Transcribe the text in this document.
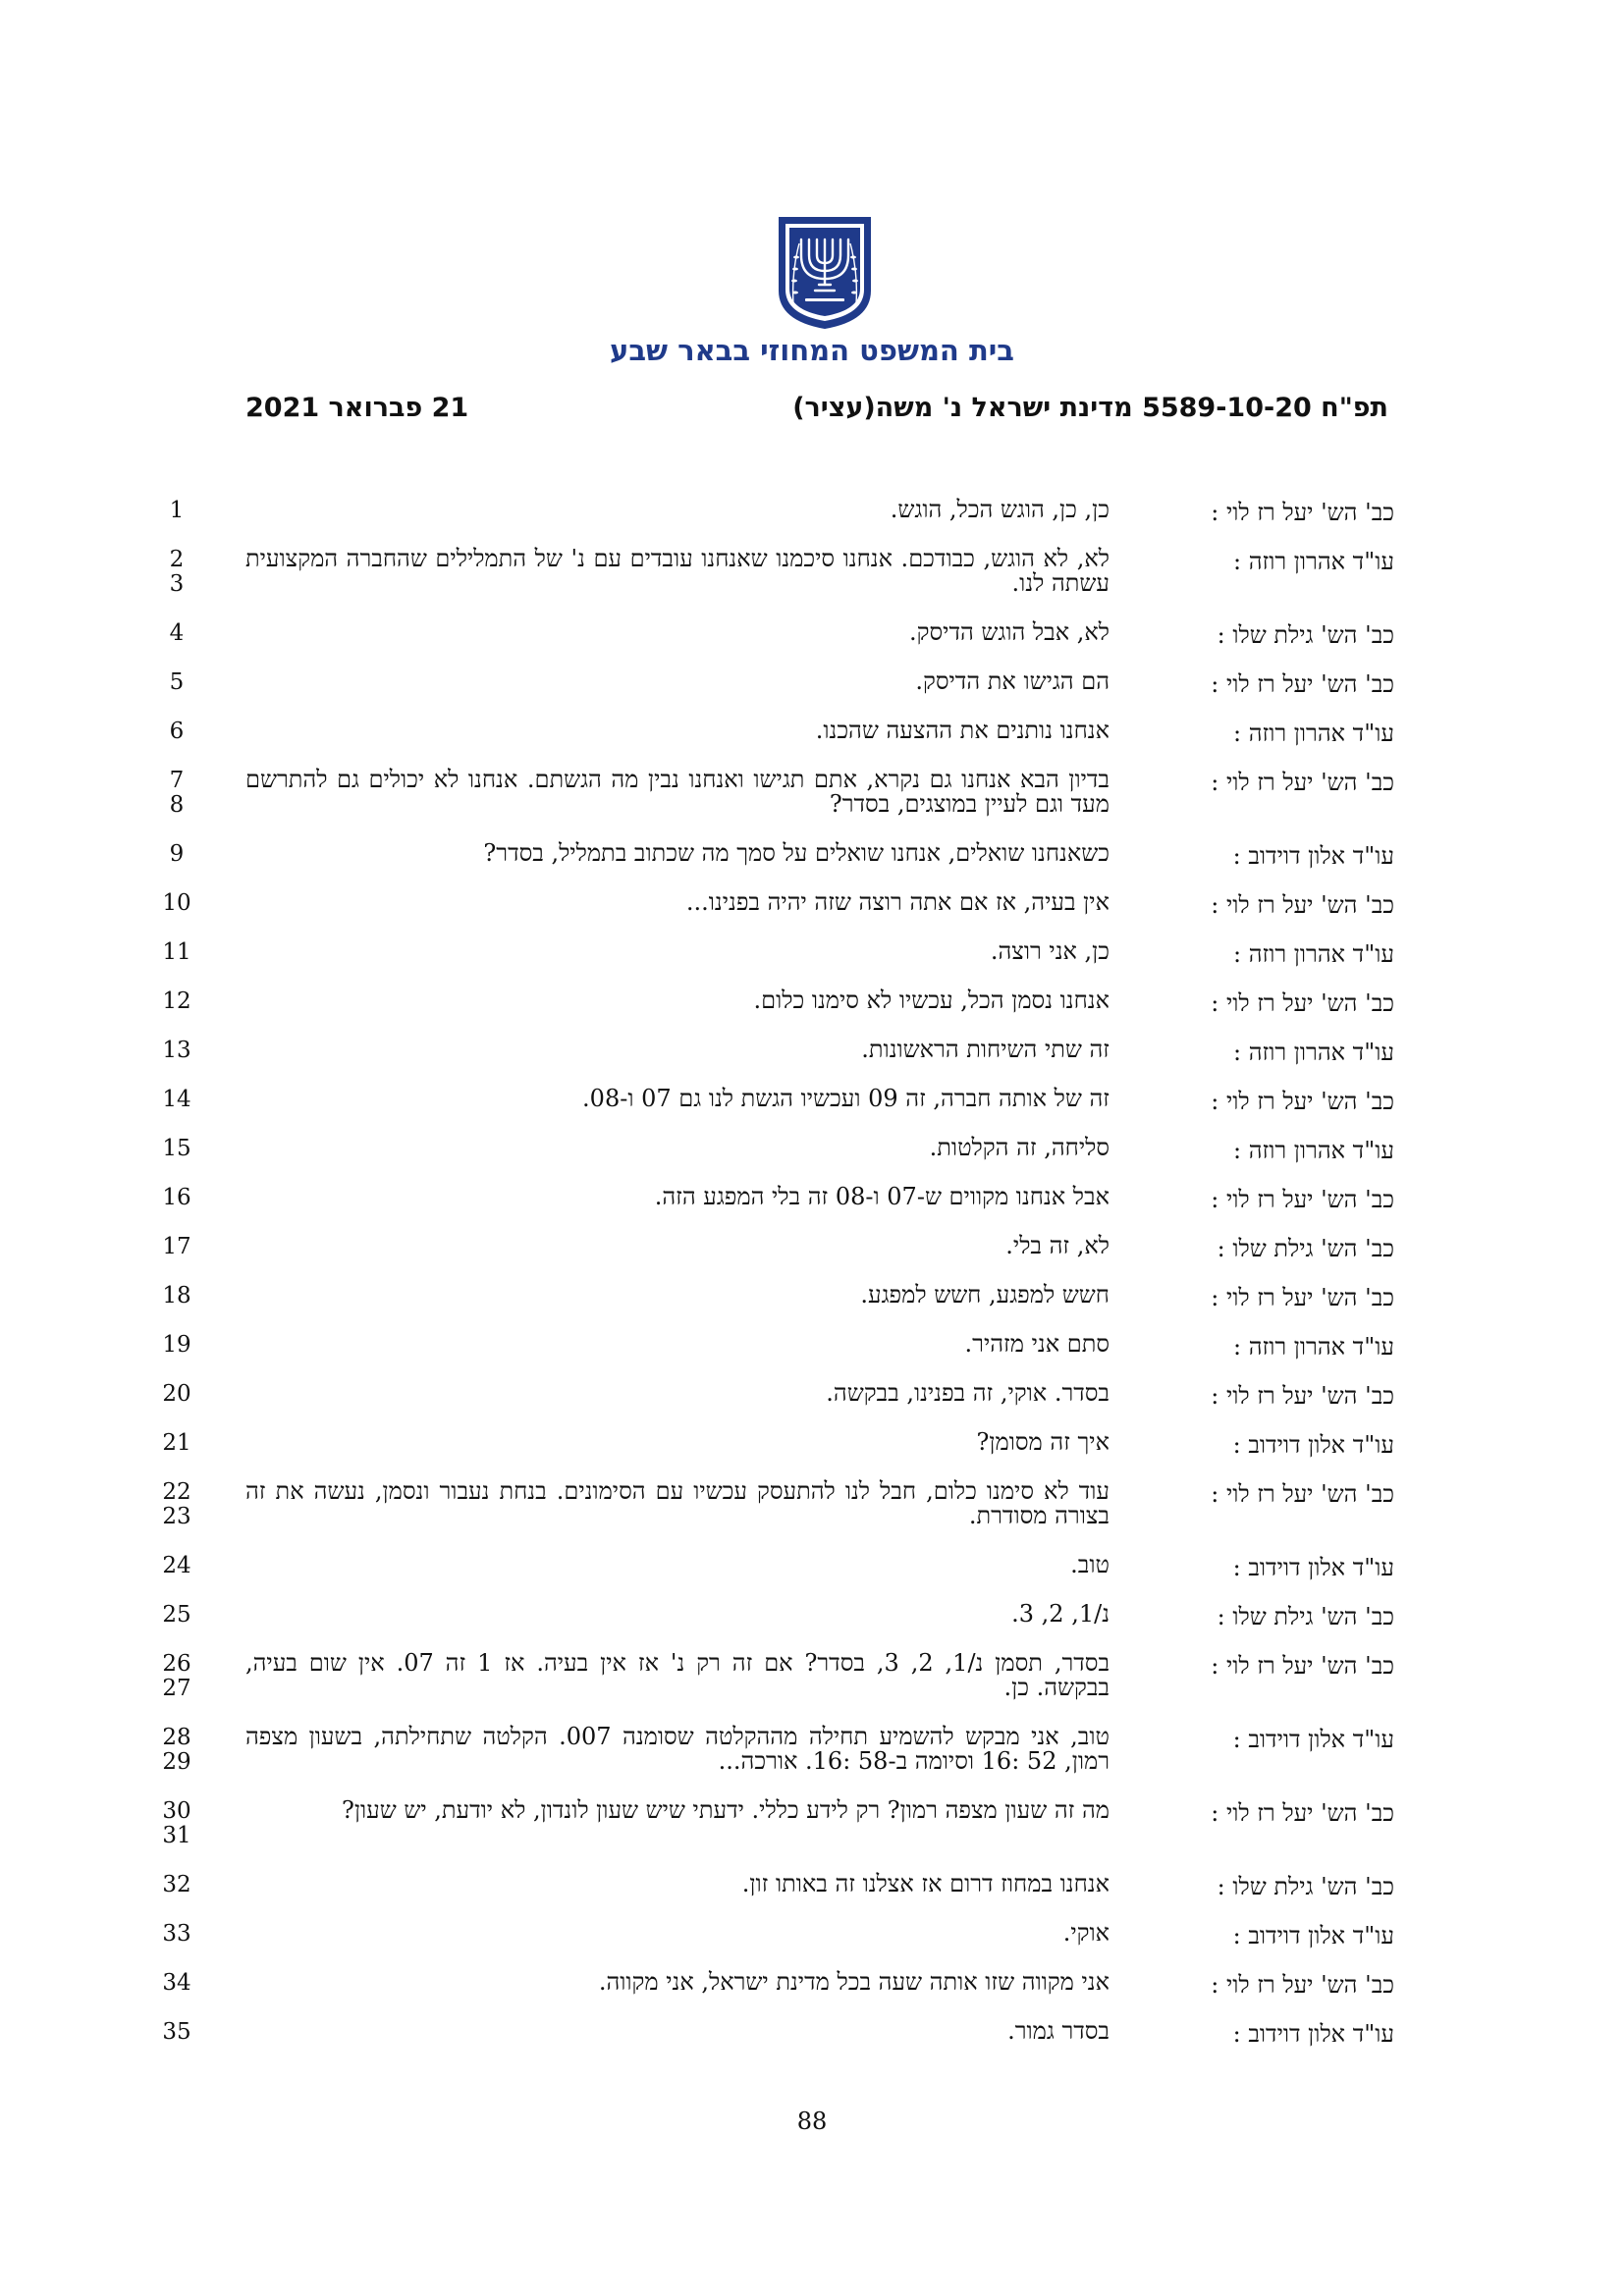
בית המשפט המחוזי בבאר שבע
תפ"ח 5589-10-20 מדינת ישראל נ' משה(עציר)
21 פברואר 2021
כב' הש' יעל רז לוי :
כן, כן, הוגש הכל, הוגש.
1
עו"ד אהרון רוזה :
לא, לא הוגש, כבודכם. אנחנו סיכמנו שאנחנו עובדים עם נ' של התמלילים שהחברה המקצועית עשתה לנו.
2
3
כב' הש' גילת שלו :
לא, אבל הוגש הדיסק.
4
כב' הש' יעל רז לוי :
הם הגישו את הדיסק.
5
עו"ד אהרון רוזה :
אנחנו נותנים את ההצעה שהכנו.
6
כב' הש' יעל רז לוי :
בדיון הבא אנחנו גם נקרא, אתם תגישו ואנחנו נבין מה הגשתם. אנחנו לא יכולים גם להתרשם מעד וגם לעיין במוצגים, בסדר?
7
8
עו"ד אלון דוידוב :
כשאנחנו שואלים, אנחנו שואלים על סמך מה שכתוב בתמליל, בסדר?
9
כב' הש' יעל רז לוי :
אין בעיה, אז אם אתה רוצה שזה יהיה בפנינו...
10
עו"ד אהרון רוזה :
כן, אני רוצה.
11
כב' הש' יעל רז לוי :
אנחנו נסמן הכל, עכשיו לא סימנו כלום.
12
עו"ד אהרון רוזה :
זה שתי השיחות הראשונות.
13
כב' הש' יעל רז לוי :
זה של אותה חברה, זה 09 ועכשיו הגשת לנו גם 07 ו-08.
14
עו"ד אהרון רוזה :
סליחה, זה הקלטות.
15
כב' הש' יעל רז לוי :
אבל אנחנו מקווים ש-07 ו-08 זה בלי המפגע הזה.
16
כב' הש' גילת שלו :
לא, זה בלי.
17
כב' הש' יעל רז לוי :
חשש למפגע, חשש למפגע.
18
עו"ד אהרון רוזה :
סתם אני מזהיר.
19
כב' הש' יעל רז לוי :
בסדר. אוקי, זה בפנינו, בבקשה.
20
עו"ד אלון דוידוב :
איך זה מסומן?
21
כב' הש' יעל רז לוי :
עוד לא סימנו כלום, חבל לנו להתעסק עכשיו עם הסימונים. בנחת נעבור ונסמן, נעשה את זה בצורה מסודרת.
22
23
עו"ד אלון דוידוב :
טוב.
24
כב' הש' גילת שלו :
נ/1, 2, 3.
25
כב' הש' יעל רז לוי :
בסדר, תסמן נ/1, 2, 3, בסדר? אם זה רק נ' אז אין בעיה. אז 1 זה 07. אין שום בעיה, בבקשה. כן.
26
27
עו"ד אלון דוידוב :
טוב, אני מבקש להשמיע תחילה מההקלטה שסומנה 007. הקלטה שתחילתה, בשעון מצפה רמון, 52 :16 וסיומה ב-58 :16. אורכה...
28
29
כב' הש' יעל רז לוי :
מה זה שעון מצפה רמון? רק לידע כללי. ידעתי שיש שעון לונדון, לא יודעת, יש שעון?
30
31
כב' הש' גילת שלו :
אנחנו במחוז דרום אז אצלנו זה באותו זון.
32
עו"ד אלון דוידוב :
אוקי.
33
כב' הש' יעל רז לוי :
אני מקווה שזו אותה שעה בכל מדינת ישראל, אני מקווה.
34
עו"ד אלון דוידוב :
בסדר גמור.
35
88
